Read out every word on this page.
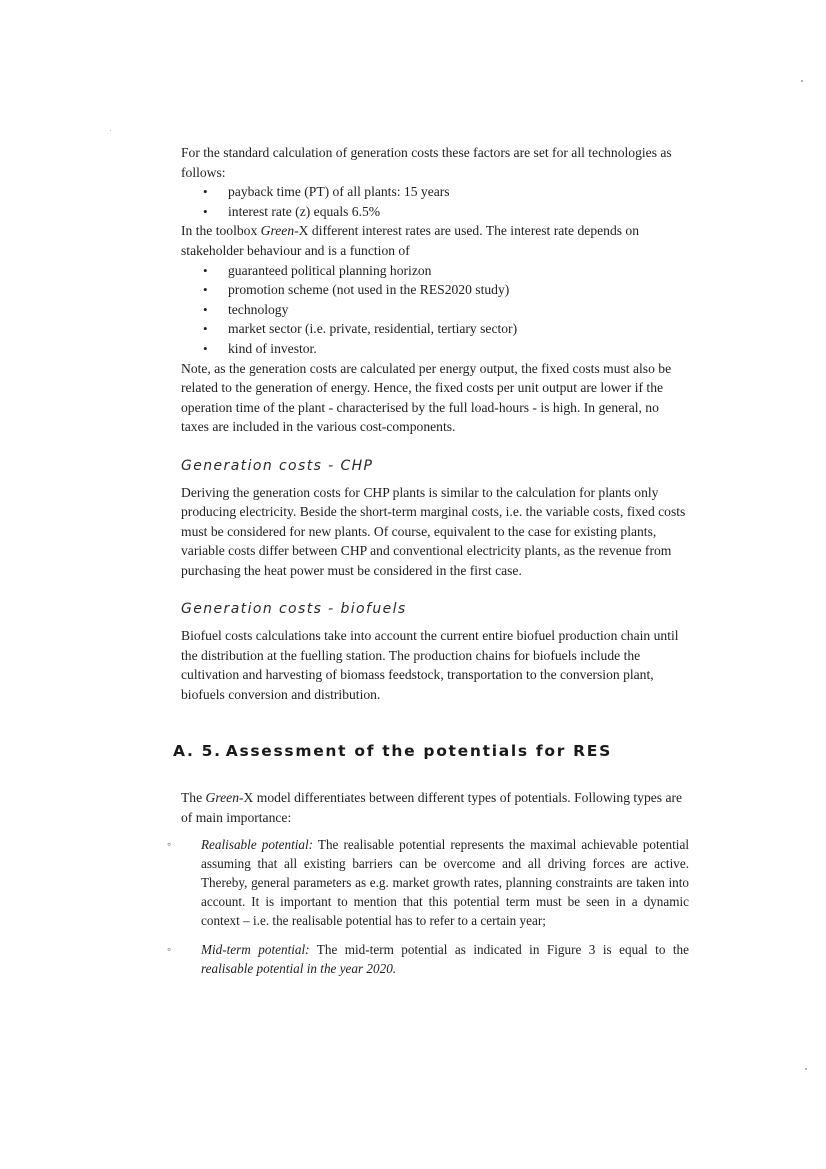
For the standard calculation of generation costs these factors are set for all technologies as follows:

• payback time (PT) of all plants: 15 years
• interest rate (z) equals 6.5%

In the toolbox Green-X different interest rates are used. The interest rate depends on stakeholder behaviour and is a function of

• guaranteed political planning horizon
• promotion scheme (not used in the RES2020 study)
• technology
• market sector (i.e. private, residential, tertiary sector)
• kind of investor.

Note, as the generation costs are calculated per energy output, the fixed costs must also be related to the generation of energy. Hence, the fixed costs per unit output are lower if the operation time of the plant - characterised by the full load-hours - is high. In general, no taxes are included in the various cost-components.

Generation costs - CHP

Deriving the generation costs for CHP plants is similar to the calculation for plants only producing electricity. Beside the short-term marginal costs, i.e. the variable costs, fixed costs must be considered for new plants. Of course, equivalent to the case for existing plants, variable costs differ between CHP and conventional electricity plants, as the revenue from purchasing the heat power must be considered in the first case.

Generation costs - biofuels

Biofuel costs calculations take into account the current entire biofuel production chain until the distribution at the fuelling station. The production chains for biofuels include the cultivation and harvesting of biomass feedstock, transportation to the conversion plant, biofuels conversion and distribution.

A. 5. Assessment of the potentials for RES

The Green-X model differentiates between different types of potentials. Following types are of main importance:

◦ Realisable potential: The realisable potential represents the maximal achievable potential assuming that all existing barriers can be overcome and all driving forces are active. Thereby, general parameters as e.g. market growth rates, planning constraints are taken into account. It is important to mention that this potential term must be seen in a dynamic context – i.e. the realisable potential has to refer to a certain year;
◦ Mid-term potential: The mid-term potential as indicated in Figure 3 is equal to the realisable potential in the year 2020.
